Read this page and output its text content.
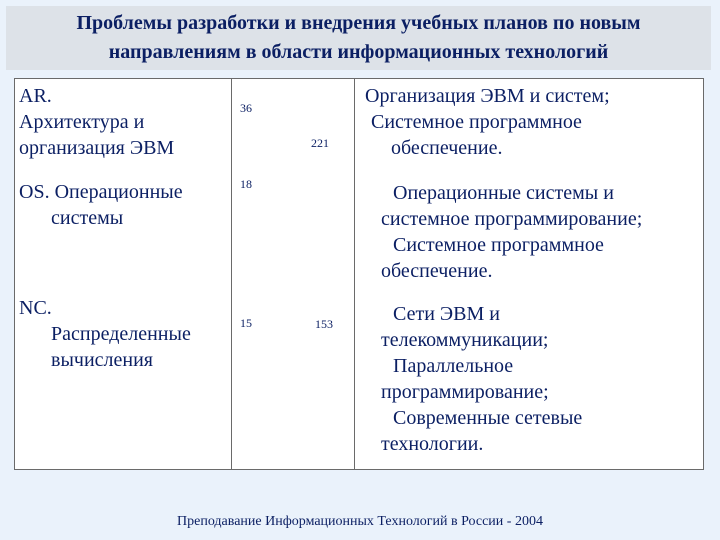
Проблемы разработки и внедрения учебных планов по новым
направлениям в области информационных технологий
AR.
Архитектура и
организация ЭВМ
OS. Операционные
системы
NC.
Распределенные
вычисления
36
221
18
15	153
Организация ЭВМ и систем;
Системное программное
обеспечение.
Операционные системы и
системное программирование;
Системное программное
обеспечение.
Сети ЭВМ и
телекоммуникации;
Параллельное
программирование;
Современные сетевые
технологии.
Преподавание Информационных Технологий в России - 2004
